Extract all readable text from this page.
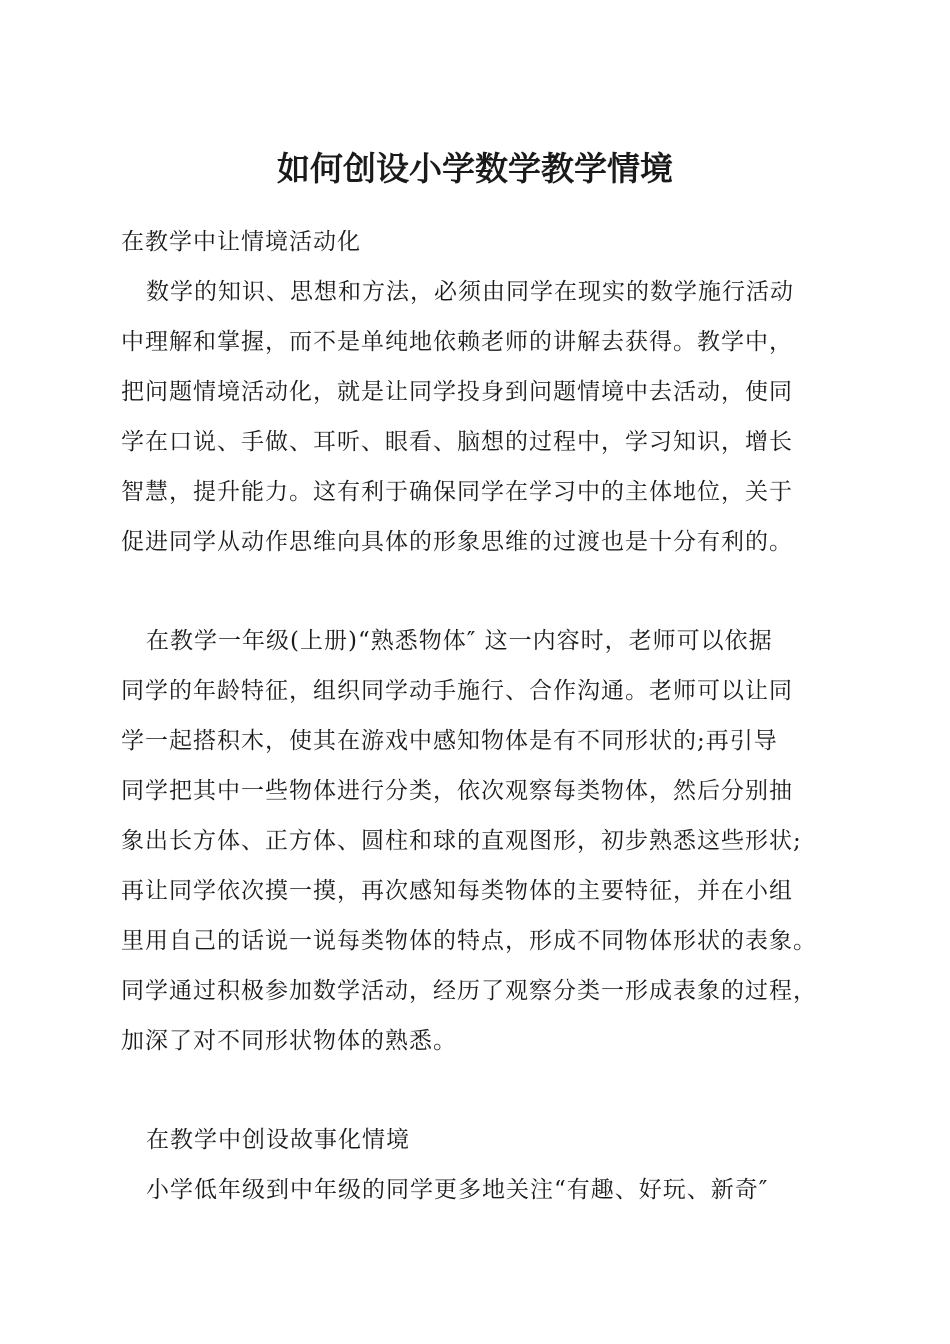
如何创设小学数学教学情境
在教学中让情境活动化
数学的知识、思想和方法，必须由同学在现实的数学施行活动
中理解和掌握，而不是单纯地依赖老师的讲解去获得。教学中，
把问题情境活动化，就是让同学投身到问题情境中去活动，使同
学在口说、手做、耳听、眼看、脑想的过程中，学习知识，增长
智慧，提升能力。这有利于确保同学在学习中的主体地位，关于
促进同学从动作思维向具体的形象思维的过渡也是十分有利的。
在教学一年级(上册)“熟悉物体″ 这一内容时，老师可以依据
同学的年龄特征，组织同学动手施行、合作沟通。老师可以让同
学一起搭积木，使其在游戏中感知物体是有不同形状的;再引导
同学把其中一些物体进行分类，依次观察每类物体，然后分别抽
象出长方体、正方体、圆柱和球的直观图形，初步熟悉这些形状;
再让同学依次摸一摸，再次感知每类物体的主要特征，并在小组
里用自己的话说一说每类物体的特点，形成不同物体形状的表象。
同学通过积极参加数学活动，经历了观察分类一形成表象的过程，
加深了对不同形状物体的熟悉。
在教学中创设故事化情境
小学低年级到中年级的同学更多地关注“有趣、好玩、新奇″
